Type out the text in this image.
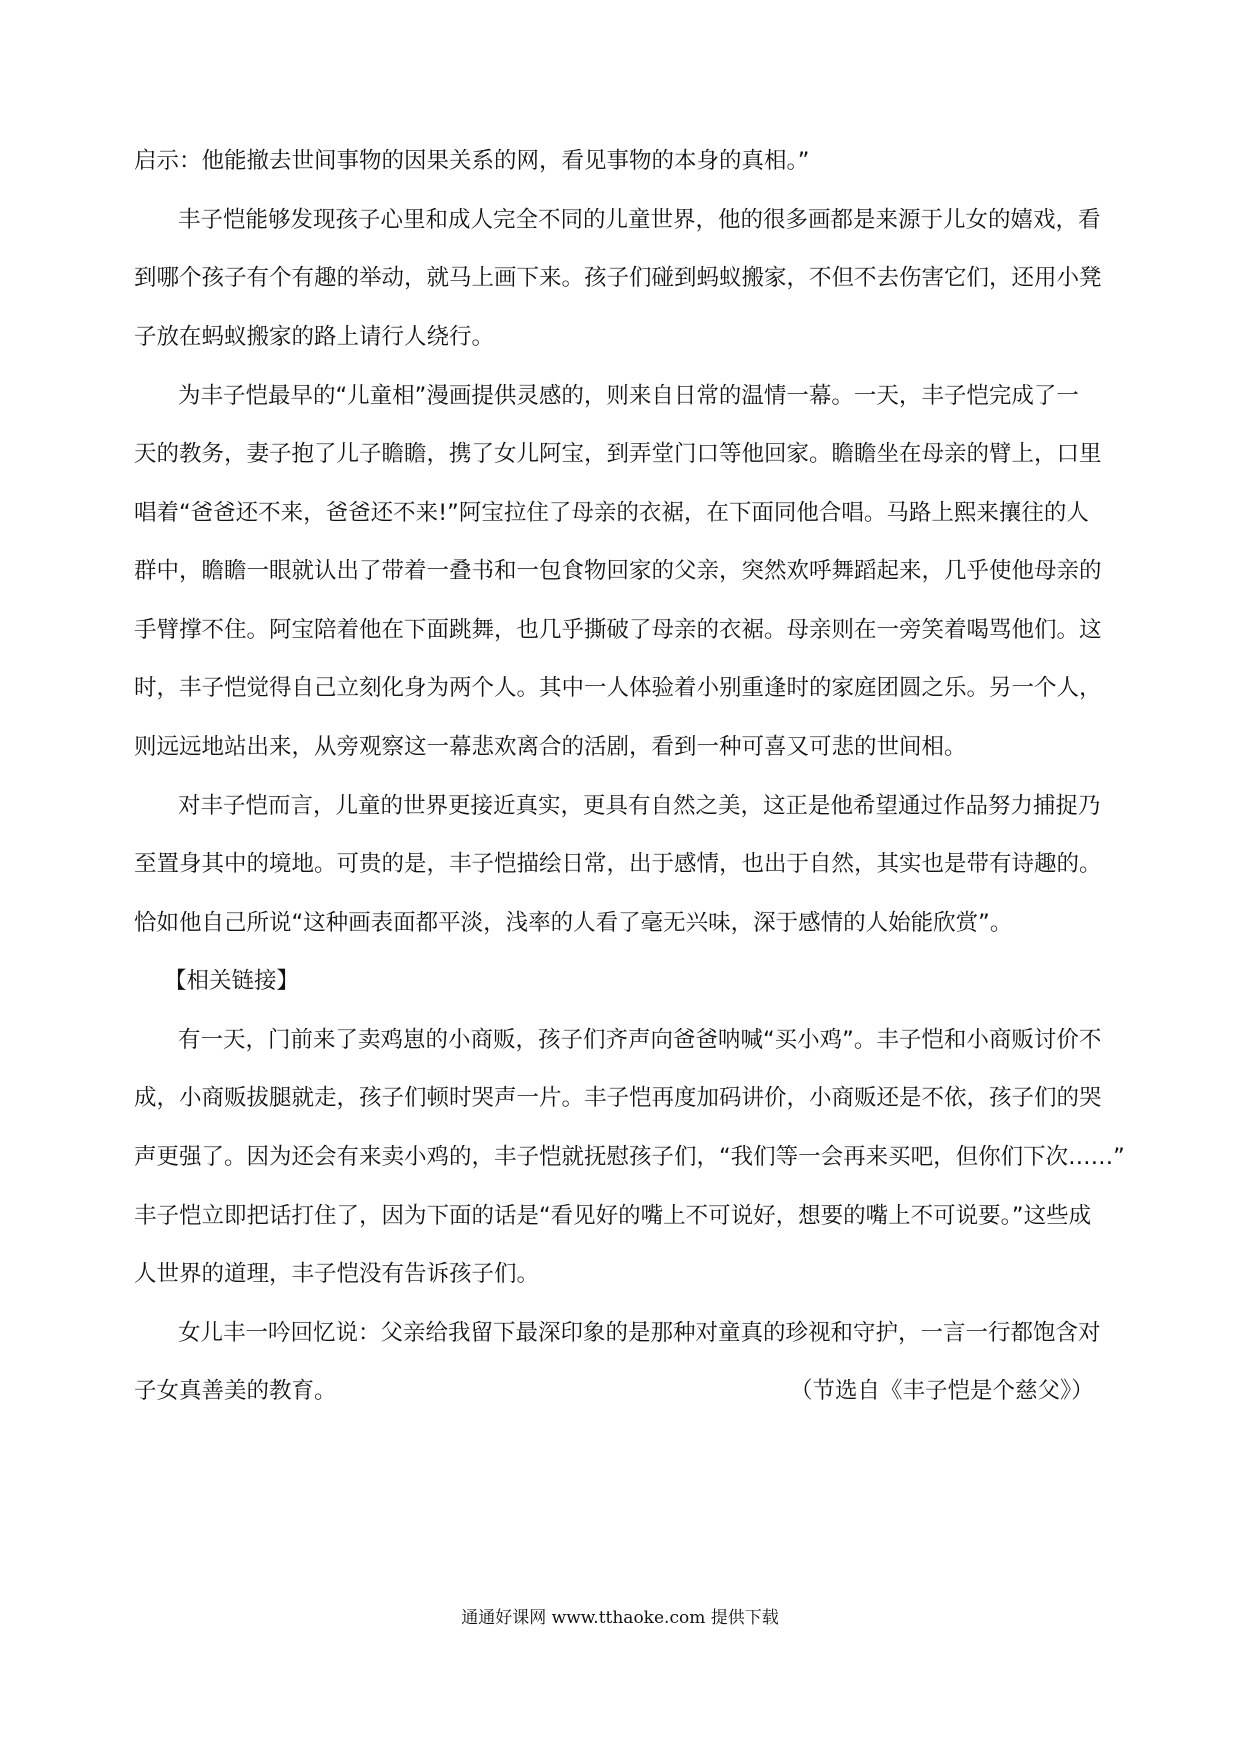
启示：他能撤去世间事物的因果关系的网，看见事物的本身的真相。”
丰子恺能够发现孩子心里和成人完全不同的儿童世界，他的很多画都是来源于儿女的嬉戏，看
到哪个孩子有个有趣的举动，就马上画下来。孩子们碰到蚂蚁搬家，不但不去伤害它们，还用小凳
子放在蚂蚁搬家的路上请行人绕行。
为丰子恺最早的“儿童相”漫画提供灵感的，则来自日常的温情一幕。一天，丰子恺完成了一
天的教务，妻子抱了儿子瞻瞻，携了女儿阿宝，到弄堂门口等他回家。瞻瞻坐在母亲的臂上，口里
唱着“爸爸还不来，爸爸还不来!”阿宝拉住了母亲的衣裾，在下面同他合唱。马路上熙来攘往的人
群中，瞻瞻一眼就认出了带着一叠书和一包食物回家的父亲，突然欢呼舞蹈起来，几乎使他母亲的
手臂撑不住。阿宝陪着他在下面跳舞，也几乎撕破了母亲的衣裾。母亲则在一旁笑着喝骂他们。这
时，丰子恺觉得自己立刻化身为两个人。其中一人体验着小别重逢时的家庭团圆之乐。另一个人，
则远远地站出来，从旁观察这一幕悲欢离合的活剧，看到一种可喜又可悲的世间相。
对丰子恺而言，儿童的世界更接近真实，更具有自然之美，这正是他希望通过作品努力捕捉乃
至置身其中的境地。可贵的是，丰子恺描绘日常，出于感情，也出于自然，其实也是带有诗趣的。
恰如他自己所说“这种画表面都平淡，浅率的人看了毫无兴味，深于感情的人始能欣赏”。
【相关链接】
有一天，门前来了卖鸡崽的小商贩，孩子们齐声向爸爸呐喊“买小鸡”。丰子恺和小商贩讨价不
成，小商贩拔腿就走，孩子们顿时哭声一片。丰子恺再度加码讲价，小商贩还是不依，孩子们的哭
声更强了。因为还会有来卖小鸡的，丰子恺就抚慰孩子们，“我们等一会再来买吧，但你们下次……”
丰子恺立即把话打住了，因为下面的话是“看见好的嘴上不可说好，想要的嘴上不可说要。”这些成
人世界的道理，丰子恺没有告诉孩子们。
女儿丰一吟回忆说：父亲给我留下最深印象的是那种对童真的珍视和守护，一言一行都饱含对
子女真善美的教育。	（节选自《丰子恺是个慈父》）
通通好课网 www.tthaoke.com 提供下载
